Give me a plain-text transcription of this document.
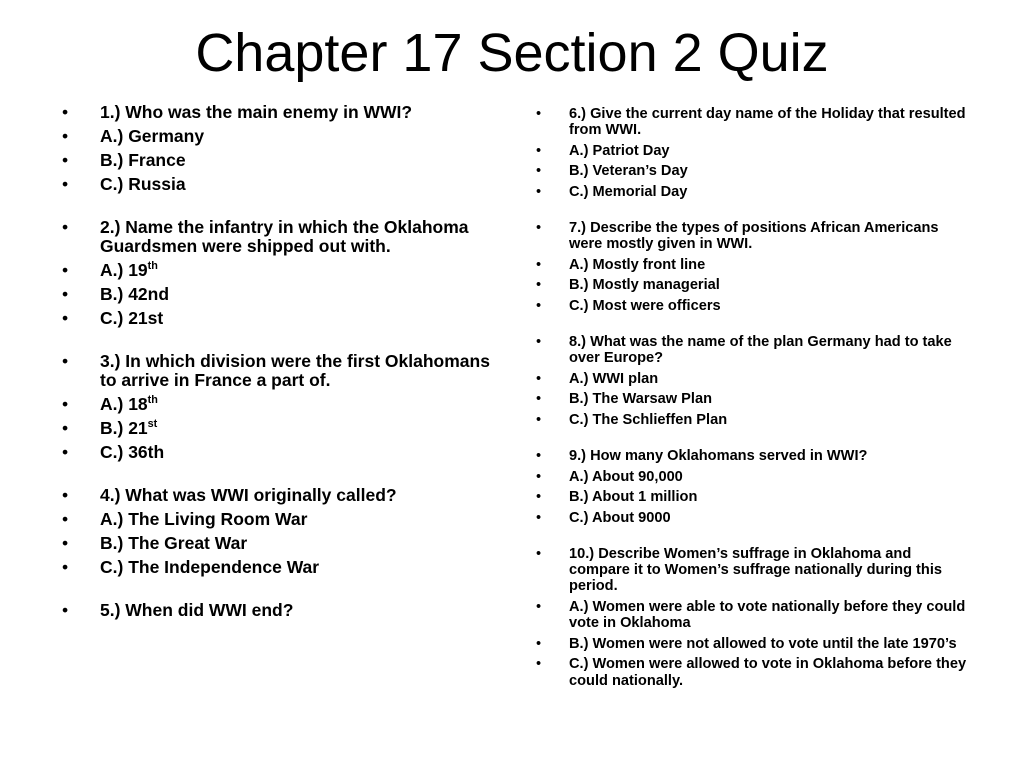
Chapter 17 Section 2 Quiz
• 1.) Who was the main enemy in WWI?
• A.) Germany
• B.) France
• C.) Russia
• 2.) Name the infantry in which the Oklahoma Guardsmen were shipped out with.
• A.) 19th
• B.) 42nd
• C.) 21st
• 3.) In which division were the first Oklahomans to arrive in France a part of.
• A.) 18th
• B.) 21st
• C.) 36th
• 4.) What was WWI originally called?
• A.) The Living Room War
• B.) The Great War
• C.) The Independence War
• 5.) When did WWI end?
• 6.) Give the current day name of the Holiday that resulted from WWI.
• A.) Patriot Day
• B.) Veteran’s Day
• C.) Memorial Day
• 7.) Describe the types of positions African Americans were mostly given in WWI.
• A.) Mostly front line
• B.) Mostly managerial
• C.) Most were officers
• 8.) What was the name of the plan Germany had to take over Europe?
• A.) WWI plan
• B.) The Warsaw Plan
• C.) The Schlieffen Plan
• 9.) How many Oklahomans served in WWI?
• A.) About 90,000
• B.) About 1 million
• C.) About 9000
• 10.) Describe Women’s suffrage in Oklahoma and compare it to Women’s suffrage nationally during this period.
• A.) Women were able to vote nationally before they could vote in Oklahoma
• B.) Women were not allowed to vote until the late 1970’s
• C.) Women were allowed to vote in Oklahoma before they could nationally.
